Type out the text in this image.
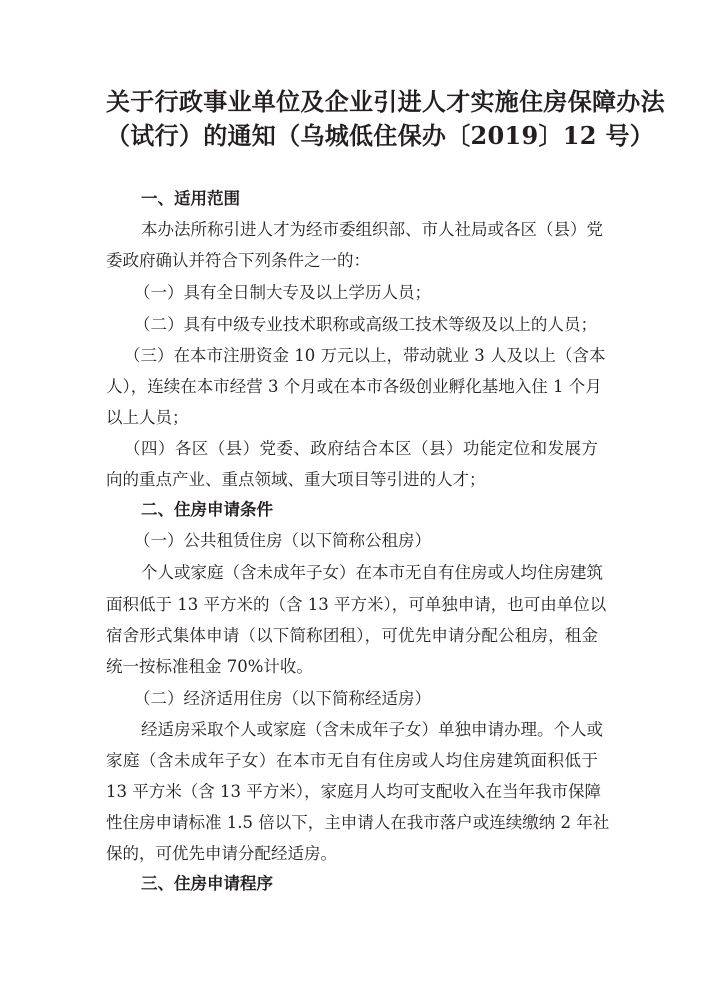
关于行政事业单位及企业引进人才实施住房保障办法
（试行）的通知（乌城低住保办〔2019〕12 号）
一、适用范围
本办法所称引进人才为经市委组织部、市人社局或各区（县）党
委政府确认并符合下列条件之一的：
（一）具有全日制大专及以上学历人员；
（二）具有中级专业技术职称或高级工技术等级及以上的人员；
（三）在本市注册资金 10 万元以上，带动就业 3 人及以上（含本
人），连续在本市经营 3 个月或在本市各级创业孵化基地入住 1 个月
以上人员；
（四）各区（县）党委、政府结合本区（县）功能定位和发展方
向的重点产业、重点领域、重大项目等引进的人才；
二、住房申请条件
（一）公共租赁住房（以下简称公租房）
个人或家庭（含未成年子女）在本市无自有住房或人均住房建筑
面积低于 13 平方米的（含 13 平方米），可单独申请，也可由单位以
宿舍形式集体申请（以下简称团租），可优先申请分配公租房，租金
统一按标准租金 70%计收。
（二）经济适用住房（以下简称经适房）
经适房采取个人或家庭（含未成年子女）单独申请办理。个人或
家庭（含未成年子女）在本市无自有住房或人均住房建筑面积低于
13 平方米（含 13 平方米），家庭月人均可支配收入在当年我市保障
性住房申请标准 1.5 倍以下，主申请人在我市落户或连续缴纳 2 年社
保的，可优先申请分配经适房。
三、住房申请程序
